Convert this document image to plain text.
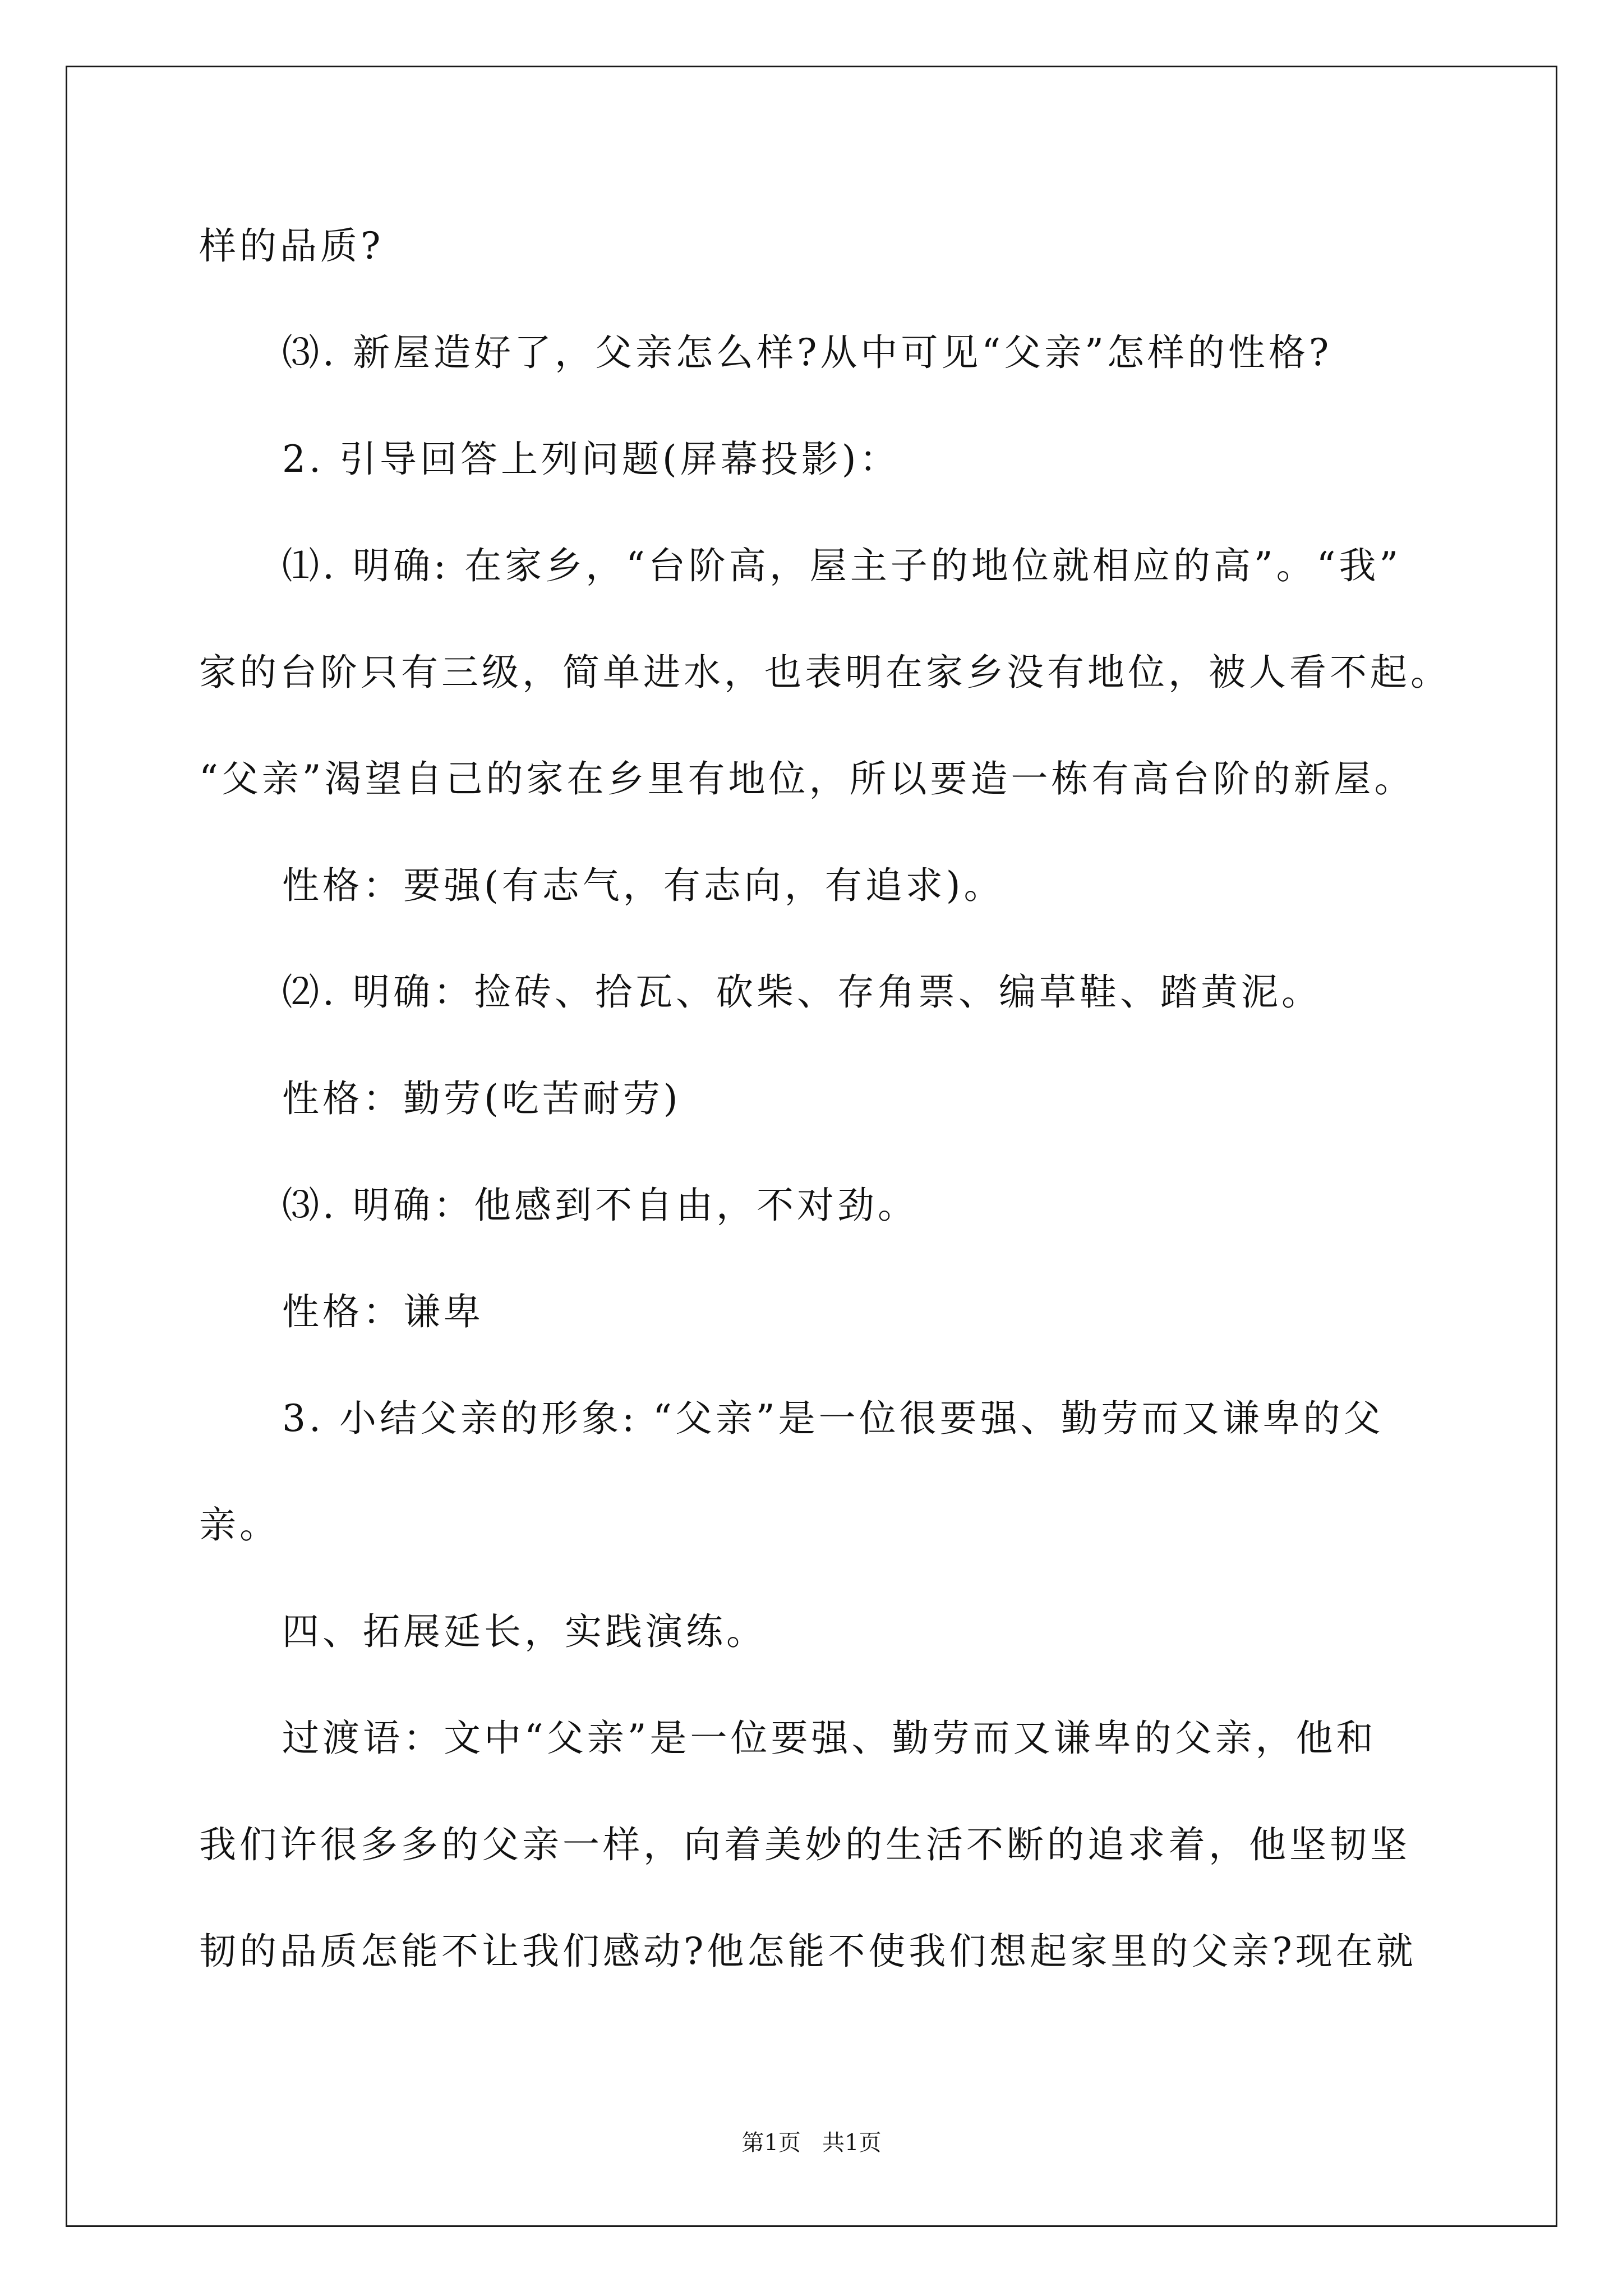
样的品质?
⑶. 新屋造好了，父亲怎么样?从中可见“父亲”怎样的性格?
2. 引导回答上列问题(屏幕投影)：
⑴. 明确: 在家乡，“台阶高，屋主子的地位就相应的高”。“我”
家的台阶只有三级，简单进水，也表明在家乡没有地位，被人看不起。
“父亲”渴望自己的家在乡里有地位，所以要造一栋有高台阶的新屋。
性格：要强(有志气，有志向，有追求)。
⑵. 明确：捡砖、拾瓦、砍柴、存角票、编草鞋、踏黄泥。
性格：勤劳(吃苦耐劳)
⑶. 明确：他感到不自由，不对劲。
性格：谦卑
3. 小结父亲的形象: “父亲”是一位很要强、勤劳而又谦卑的父
亲。
四、拓展延长，实践演练。
过渡语：文中“父亲”是一位要强、勤劳而又谦卑的父亲，他和
我们许很多多的父亲一样，向着美妙的生活不断的追求着，他坚韧坚
韧的品质怎能不让我们感动?他怎能不使我们想起家里的父亲?现在就
第1页   共1页
